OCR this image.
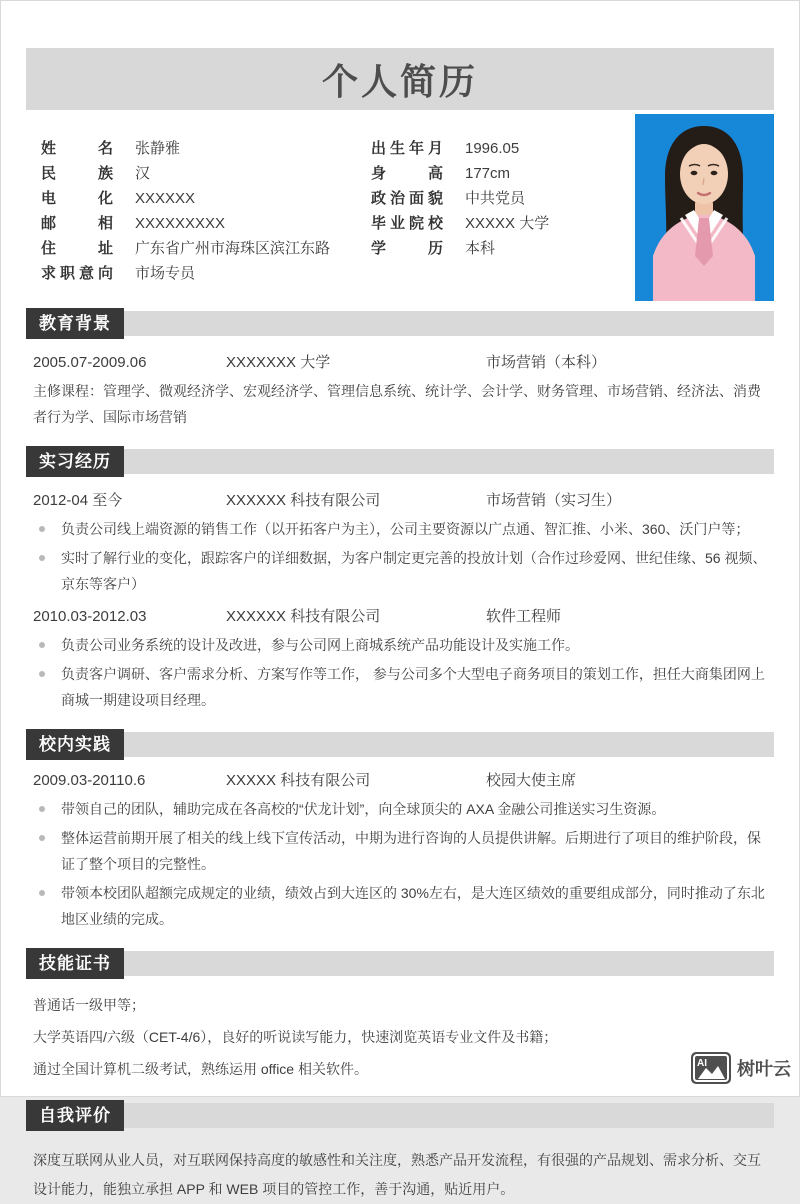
个人简历
姓名 张静雅
民族 汉
电化 XXXXXX
邮相 XXXXXXXXX
住址 广东省广州市海珠区滨江东路
求职意向 市场专员
出生年月 1996.05
身高 177cm
政治面貌 中共党员
毕业院校 XXXXX 大学
学历 本科
教育背景
2005.07-2009.06	XXXXXXX 大学	市场营销（本科）
主修课程：管理学、微观经济学、宏观经济学、管理信息系统、统计学、会计学、财务管理、市场营销、经济法、消费者行为学、国际市场营销
实习经历
2012-04 至今	XXXXXX 科技有限公司	市场营销（实习生）
负责公司线上端资源的销售工作（以开拓客户为主），公司主要资源以广点通、智汇推、小米、360、沃门户等；
实时了解行业的变化，跟踪客户的详细数据，为客户制定更完善的投放计划（合作过珍爱网、世纪佳缘、56 视频、京东等客户）
2010.03-2012.03	XXXXXX 科技有限公司	软件工程师
负责公司业务系统的设计及改进，参与公司网上商城系统产品功能设计及实施工作。
负责客户调研、客户需求分析、方案写作等工作， 参与公司多个大型电子商务项目的策划工作，担任大商集团网上商城一期建设项目经理。
校内实践
2009.03-20110.6	XXXXX 科技有限公司	校园大使主席
带领自己的团队，辅助完成在各高校的“伏龙计划”，向全球顶尖的 AXA 金融公司推送实习生资源。
整体运营前期开展了相关的线上线下宣传活动，中期为进行咨询的人员提供讲解。后期进行了项目的维护阶段，保证了整个项目的完整性。
带领本校团队超额完成规定的业绩，绩效占到大连区的 30%左右，是大连区绩效的重要组成部分，同时推动了东北地区业绩的完成。
技能证书
普通话一级甲等；
大学英语四/六级（CET-4/6），良好的听说读写能力，快速浏览英语专业文件及书籍；
通过全国计算机二级考试，熟练运用 office 相关软件。
自我评价
深度互联网从业人员，对互联网保持高度的敏感性和关注度，熟悉产品开发流程，有很强的产品规划、需求分析、交互设计能力，能独立承担 APP 和 WEB 项目的管控工作，善于沟通，贴近用户。
AI 树叶云
